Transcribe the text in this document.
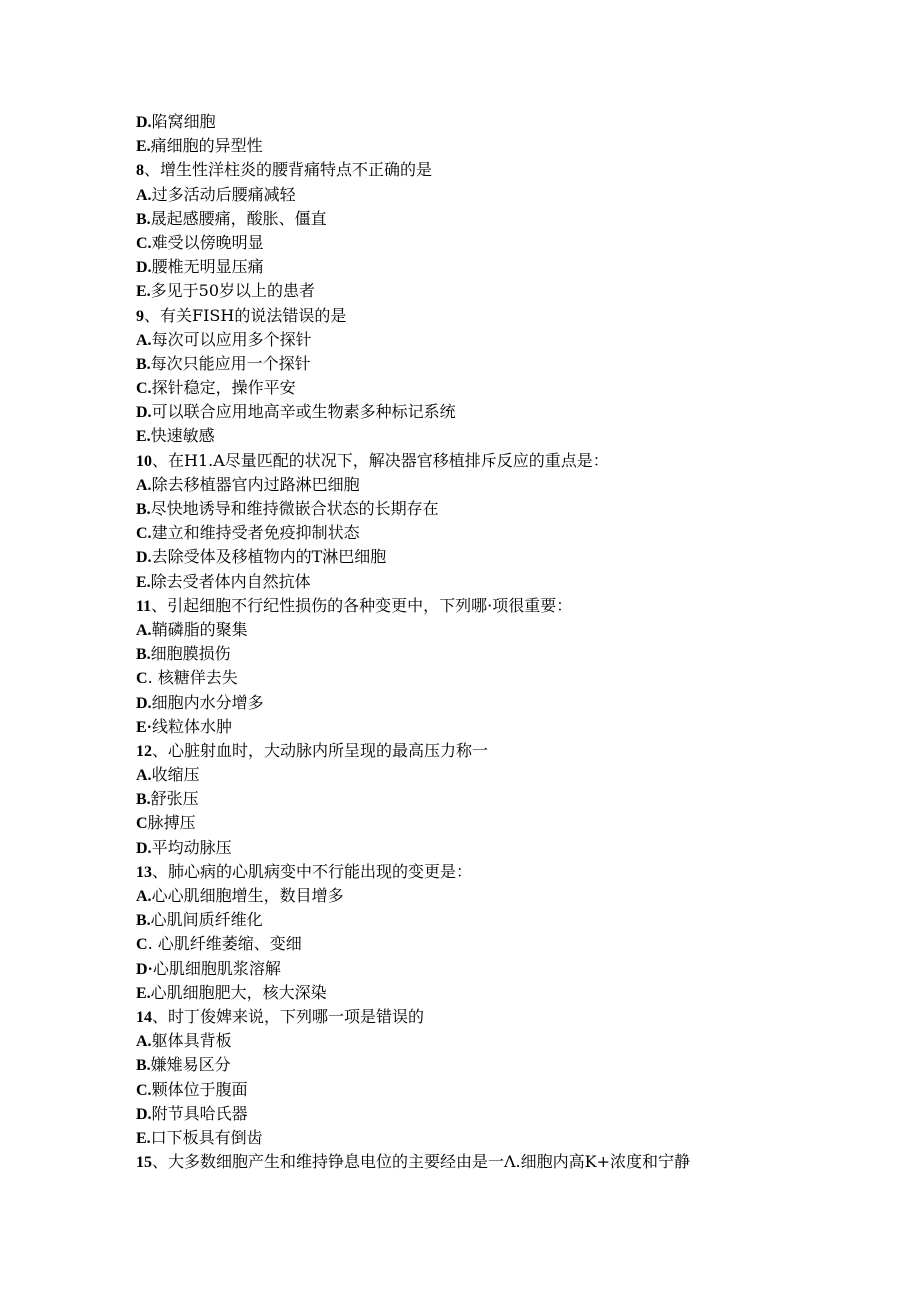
D.陷窝细胞
E.痛细胞的异型性
8、增生性洋柱炎的腰背痛特点不正确的是
A.过多活动后腰痛减轻
B.晟起感腰痛，酸胀、僵直
C.难受以傍晚明显
D.腰椎无明显压痛
E.多见于50岁以上的患者
9、有关FISH的说法错误的是
A.每次可以应用多个探针
B.每次只能应用一个探针
C.探针稳定，操作平安
D.可以联合应用地高辛或生物素多种标记系统
E.快速敏感
10、在H1.A尽量匹配的状况下，解决器官移植排斥反应的重点是：
A.除去移植器官内过路淋巴细胞
B.尽快地诱导和维持微嵌合状态的长期存在
C.建立和维持受者免疫抑制状态
D.去除受体及移植物内的T淋巴细胞
E.除去受者体内自然抗体
11、引起细胞不行纪性损伤的各种变更中，下列哪·项很重要：
A.鞘磷脂的聚集
B.细胞膜损伤
C. 核糖佯去失
D.细胞内水分增多
E·线粒体水肿
12、心脏射血时，大动脉内所呈现的最高压力称一
A.收缩压
B.舒张压
C脉搏压
D.平均动脉压
13、肺心病的心肌病变中不行能出现的变更是：
A.心心肌细胞增生，数目增多
B.心肌间质纤维化
C. 心肌纤维萎缩、变细
D·心肌细胞肌浆溶解
E.心肌细胞肥大，核大深染
14、时丁俊婢来说，下列哪一项是错误的
A.躯体具背板
B.嫌雉易区分
C.颗体位于腹面
D.附节具哈氏器
E.口下板具有倒齿
15、大多数细胞产生和维持铮息电位的主要经由是一Λ.细胞内高K+浓度和宁静
